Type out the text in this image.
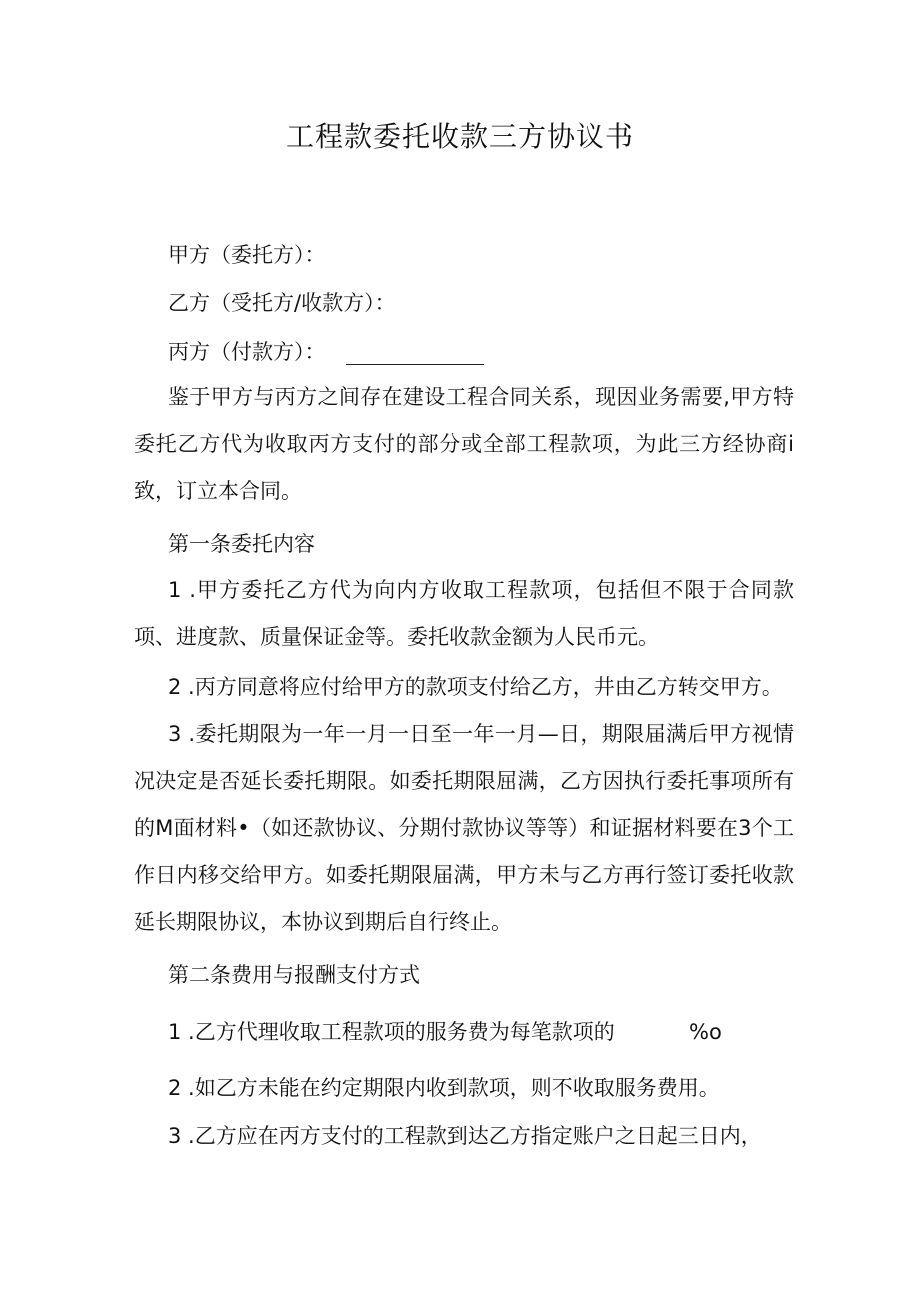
工程款委托收款三方协议书
甲方（委托方）：
乙方（受托方/收款方）：
丙方（付款方）：
鉴于甲方与丙方之间存在建设工程合同关系，现因业务需要,甲方特委托乙方代为收取丙方支付的部分或全部工程款项，为此三方经协商i致，订立本合同。
第一条委托内容
1 .甲方委托乙方代为向内方收取工程款项，包括但不限于合同款项、进度款、质量保证金等。委托收款金额为人民币元。
2 .丙方同意将应付给甲方的款项支付给乙方，井由乙方转交甲方。
3 .委托期限为一年一月一日至一年一月—日，期限届满后甲方视情况决定是否延长委托期限。如委托期限屈满，乙方因执行委托事项所有的M面材料•（如还款协议、分期付款协议等等）和证据材料要在3个工作日内移交给甲方。如委托期限届满，甲方未与乙方再行签订委托收款延长期限协议，本协议到期后自行终止。
第二条费用与报酬支付方式
1 .乙方代理收取工程款项的服务费为每笔款项的	%o
2 .如乙方未能在约定期限内收到款项，则不收取服务费用。
3 .乙方应在丙方支付的工程款到达乙方指定账户之日起三日内，
